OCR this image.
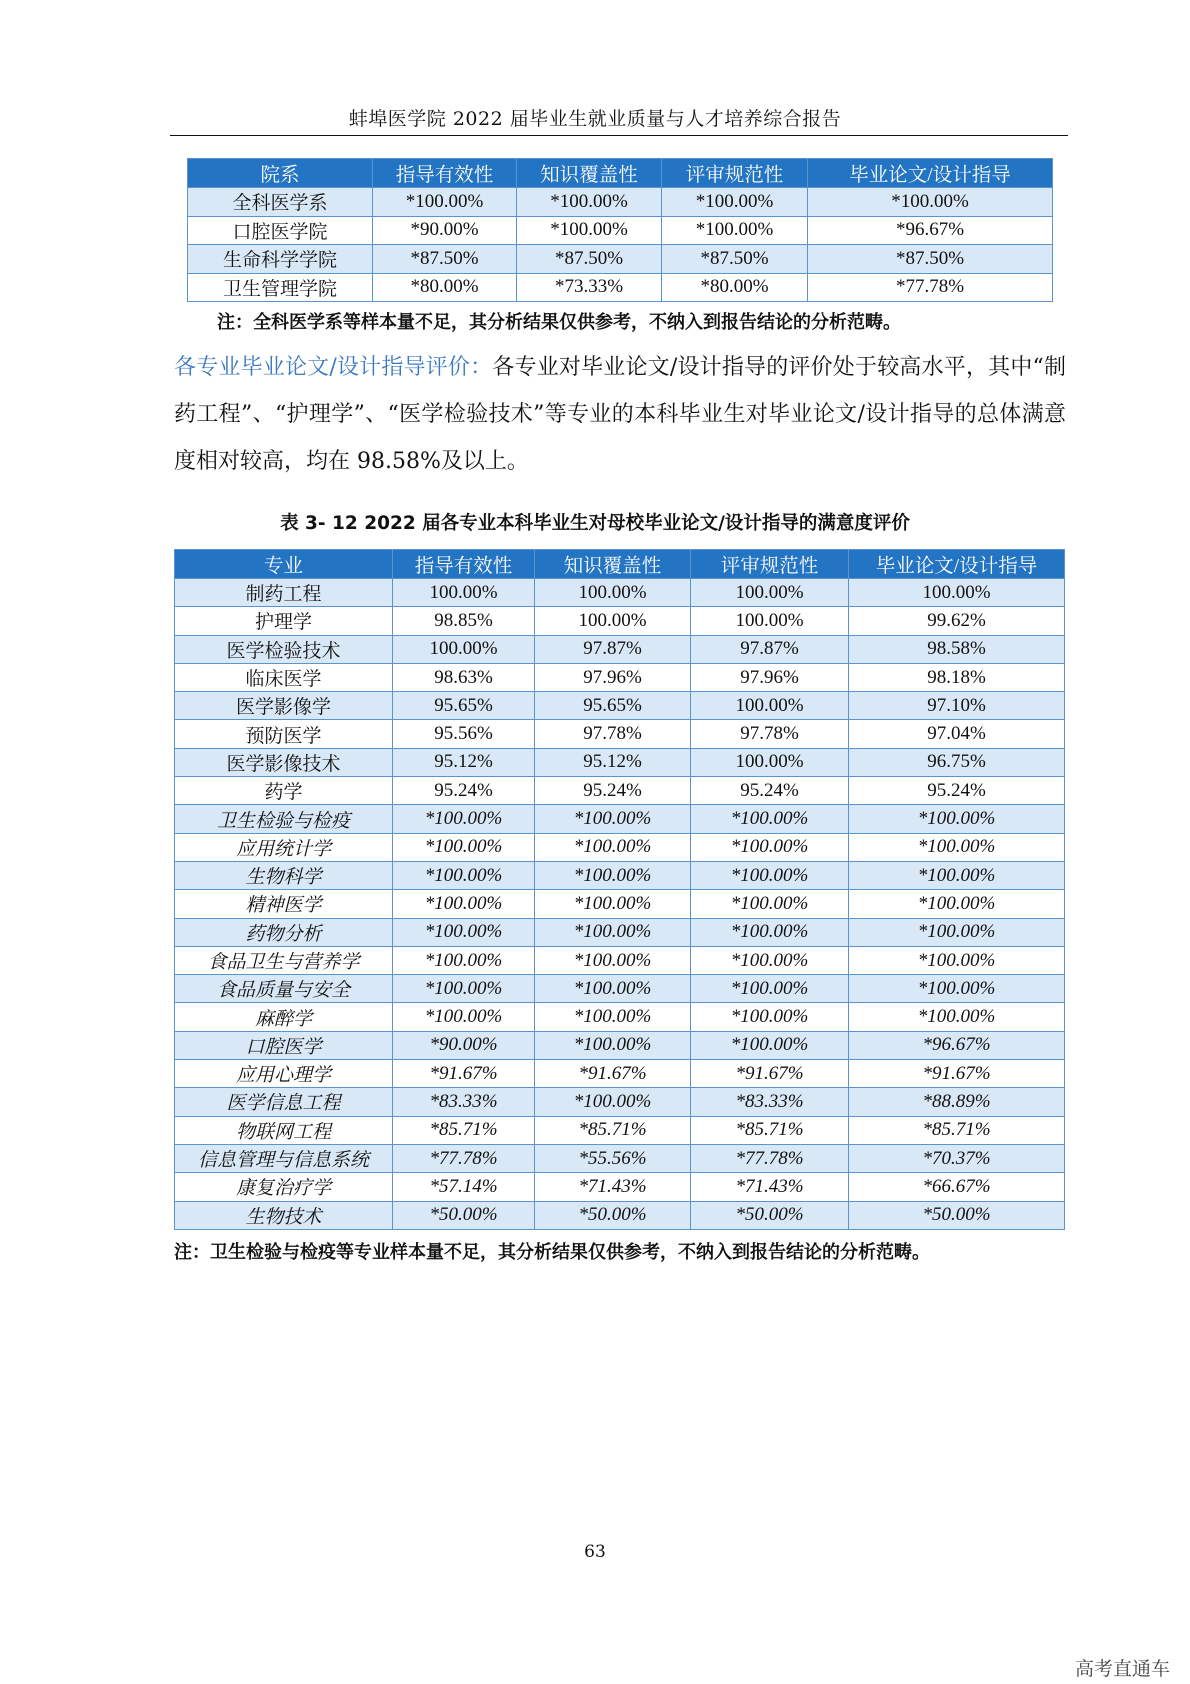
蚌埠医学院 2022 届毕业生就业质量与人才培养综合报告
院系	指导有效性	知识覆盖性	评审规范性	毕业论文/设计指导
全科医学系	*100.00%	*100.00%	*100.00%	*100.00%
口腔医学院	*90.00%	*100.00%	*100.00%	*96.67%
生命科学学院	*87.50%	*87.50%	*87.50%	*87.50%
卫生管理学院	*80.00%	*73.33%	*80.00%	*77.78%
注：全科医学系等样本量不足，其分析结果仅供参考，不纳入到报告结论的分析范畴。
各专业毕业论文/设计指导评价：各专业对毕业论文/设计指导的评价处于较高水平，其中“制药工程”、“护理学”、“医学检验技术”等专业的本科毕业生对毕业论文/设计指导的总体满意度相对较高，均在 98.58%及以上。
表 3- 12 2022 届各专业本科毕业生对母校毕业论文/设计指导的满意度评价
专业	指导有效性	知识覆盖性	评审规范性	毕业论文/设计指导
制药工程	100.00%	100.00%	100.00%	100.00%
护理学	98.85%	100.00%	100.00%	99.62%
医学检验技术	100.00%	97.87%	97.87%	98.58%
临床医学	98.63%	97.96%	97.96%	98.18%
医学影像学	95.65%	95.65%	100.00%	97.10%
预防医学	95.56%	97.78%	97.78%	97.04%
医学影像技术	95.12%	95.12%	100.00%	96.75%
药学	95.24%	95.24%	95.24%	95.24%
卫生检验与检疫	*100.00%	*100.00%	*100.00%	*100.00%
应用统计学	*100.00%	*100.00%	*100.00%	*100.00%
生物科学	*100.00%	*100.00%	*100.00%	*100.00%
精神医学	*100.00%	*100.00%	*100.00%	*100.00%
药物分析	*100.00%	*100.00%	*100.00%	*100.00%
食品卫生与营养学	*100.00%	*100.00%	*100.00%	*100.00%
食品质量与安全	*100.00%	*100.00%	*100.00%	*100.00%
麻醉学	*100.00%	*100.00%	*100.00%	*100.00%
口腔医学	*90.00%	*100.00%	*100.00%	*96.67%
应用心理学	*91.67%	*91.67%	*91.67%	*91.67%
医学信息工程	*83.33%	*100.00%	*83.33%	*88.89%
物联网工程	*85.71%	*85.71%	*85.71%	*85.71%
信息管理与信息系统	*77.78%	*55.56%	*77.78%	*70.37%
康复治疗学	*57.14%	*71.43%	*71.43%	*66.67%
生物技术	*50.00%	*50.00%	*50.00%	*50.00%
注：卫生检验与检疫等专业样本量不足，其分析结果仅供参考，不纳入到报告结论的分析范畴。
63
高考直通车
